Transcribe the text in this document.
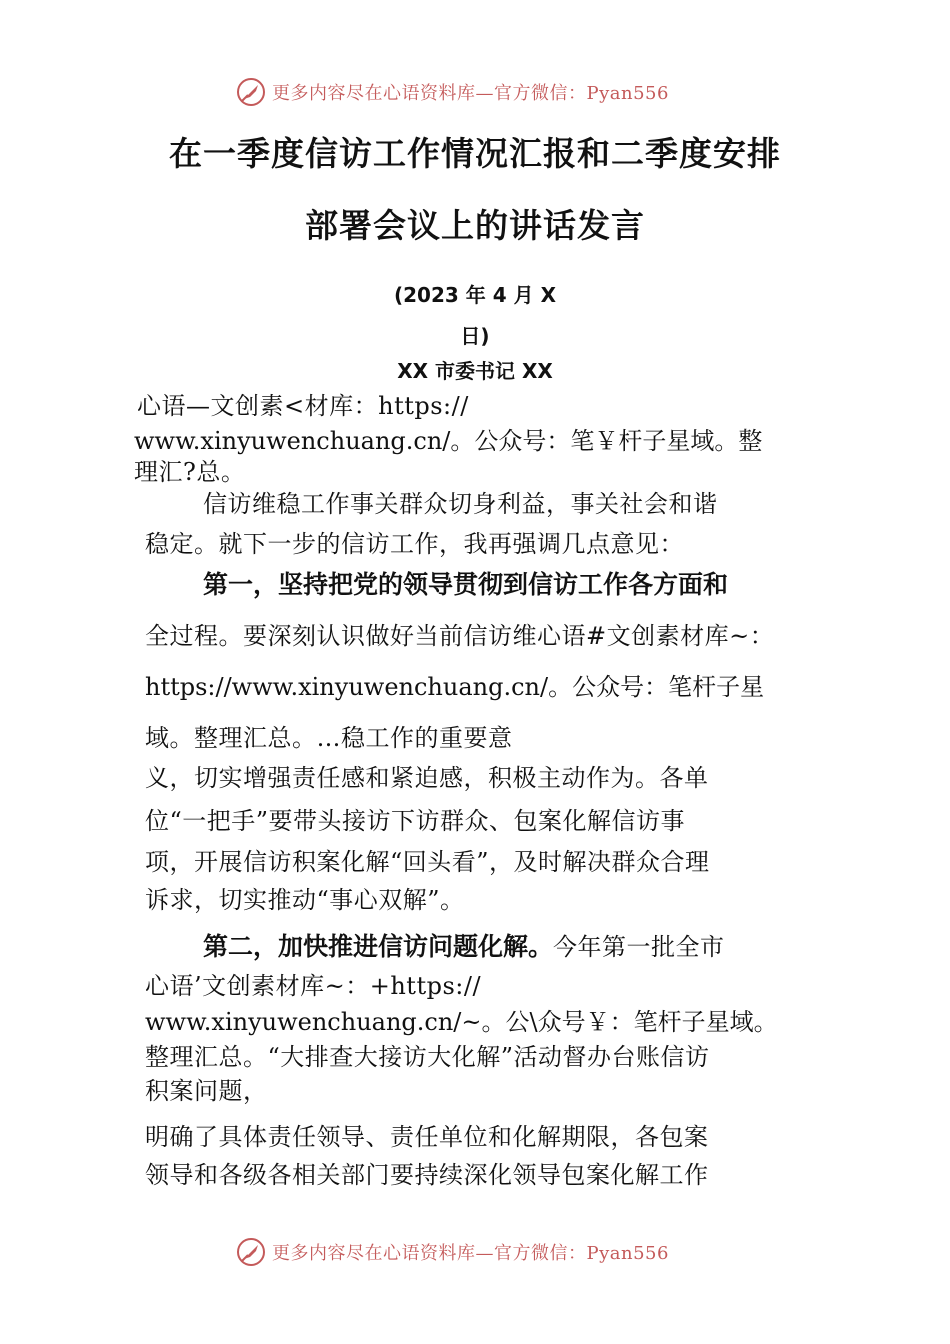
更多内容尽在心语资料库—官方微信：Pyan556
在一季度信访工作情况汇报和二季度安排
部署会议上的讲话发言
(2023 年 4 月 X
日)
XX 市委书记 XX
心语—文创素<材库：https://
www.xinyuwenchuang.cn/。公众号：笔￥杆子星域。整
理汇?总。
信访维稳工作事关群众切身利益，事关社会和谐
稳定。就下一步的信访工作，我再强调几点意见：
第一，坚持把党的领导贯彻到信访工作各方面和
全过程。要深刻认识做好当前信访维心语#文创素材库~：
https://www.xinyuwenchuang.cn/。公众号：笔杆子星
域。整理汇总。…稳工作的重要意
义，切实增强责任感和紧迫感，积极主动作为。各单
位“一把手”要带头接访下访群众、包案化解信访事
项，开展信访积案化解“回头看”，及时解决群众合理
诉求，切实推动“事心双解”。
第二，加快推进信访问题化解。今年第一批全市
心语’文创素材库~：+https://
www.xinyuwenchuang.cn/~。公\众号￥：笔杆子星域。
整理汇总。“大排查大接访大化解”活动督办台账信访
积案问题，
明确了具体责任领导、责任单位和化解期限，各包案
领导和各级各相关部门要持续深化领导包案化解工作
更多内容尽在心语资料库—官方微信：Pyan556
